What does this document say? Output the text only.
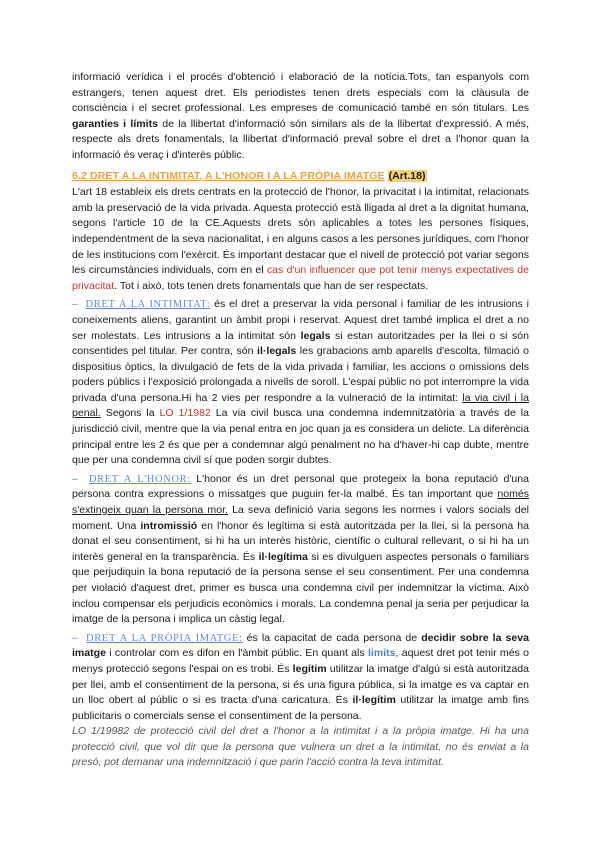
informació verídica i el procés d'obtenció i elaboració de la notícia.Tots, tan espanyols com estrangers, tenen aquest dret. Els periodistes tenen drets especials com la clàusula de consciència i el secret professional. Les empreses de comunicació també en són titulars. Les garanties i límits de la llibertat d'informació són similars als de la llibertat d'expressió. A més, respecte als drets fonamentals, la llibertat d'informació preval sobre el dret a l'honor quan la informació és veraç i d'interès públic.

6.2 DRET A LA INTIMITAT, A L'HONOR I A LA PRÒPIA IMATGE (Art.18)

L'art 18 estableix els drets centrats en la protecció de l'honor, la privacitat i la intimitat, relacionats amb la preservació de la vida privada. Aquesta protecció està lligada al dret a la dignitat humana, segons l'article 10 de la CE.Aquests drets són aplicables a totes les persones físiques, independentment de la seva nacionalitat, i en alguns casos a les persones jurídiques, com l'honor de les institucions com l'exèrcit. És important destacar que el nivell de protecció pot variar segons les circumstàncies individuals, com en el cas d'un influencer que pot tenir menys expectatives de privacitat. Tot i això, tots tenen drets fonamentals que han de ser respectats.

– DRET A LA INTIMITAT: és el dret a preservar la vida personal i familiar de les intrusions i coneixements aliens, garantint un àmbit propi i reservat. Aquest dret també implica el dret a no ser molestats. Les intrusions a la intimitat són legals si estan autoritzades per la llei o si són consentides pel titular. Per contra, són il·legals les grabacions amb aparells d'escolta, filmació o dispositius òptics, la divulgació de fets de la vida privada i familiar, les accions o omissions dels poders públics i l'exposició prolongada a nivells de soroll. L'espai públic no pot interrompre la vida privada d'una persona.Hi ha 2 vies per respondre a la vulneració de la intimitat: la via civil i la penal. Segons la LO 1/1982 La via civil busca una condemna indemnitzatòria a través de la jurisdicció civil, mentre que la via penal entra en joc quan ja es considera un delicte. La diferència principal entre les 2 és que per a condemnar algú penalment no ha d'haver-hi cap dubte, mentre que per una condemna civil sí que poden sorgir dubtes.

– DRET A L'HONOR: L'honor és un dret personal que protegeix la bona reputació d'una persona contra expressions o missatges que puguin fer-la malbé. És tan important que només s'extingeix quan la persona mor. La seva definició varia segons les normes i valors socials del moment. Una intromissió en l'honor és legítima si està autoritzada per la llei, si la persona ha donat el seu consentiment, si hi ha un interès històric, científic o cultural rellevant, o si hi ha un interès general en la transparència. És il·legítima si es divulguen aspectes personals o familiars que perjudiquin la bona reputació de la persona sense el seu consentiment. Per una condemna per violació d'aquest dret, primer es busca una condemna civil per indemnitzar la víctima. Això inclou compensar els perjudicis econòmics i morals. La condemna penal ja seria per perjudicar la imatge de la persona i implica un càstig legal.

– DRET A LA PRÒPIA IMATGE: és la capacitat de cada persona de decidir sobre la seva imatge i controlar com es difon en l'àmbit públic. En quant als limits, aquest dret pot tenir més o menys protecció segons l'espai on es trobi. És legítim utilitzar la imatge d'algú si està autoritzada per llei, amb el consentiment de la persona, si és una figura pública, si la imatge es va captar en un lloc obert al públic o si es tracta d'una caricatura. És il·legítim utilitzar la imatge amb fins publicitaris o comercials sense el consentiment de la persona.

LO 1/19982 de protecció civil del dret a l'honor a la intimitat i a la pròpia imatge. Hi ha una protecció civil, que vol dir que la persona que vulnera un dret a la intimitat, no és enviat a la presó, pot demanar una indemnització i que parin l'acció contra la teva intimitat.
